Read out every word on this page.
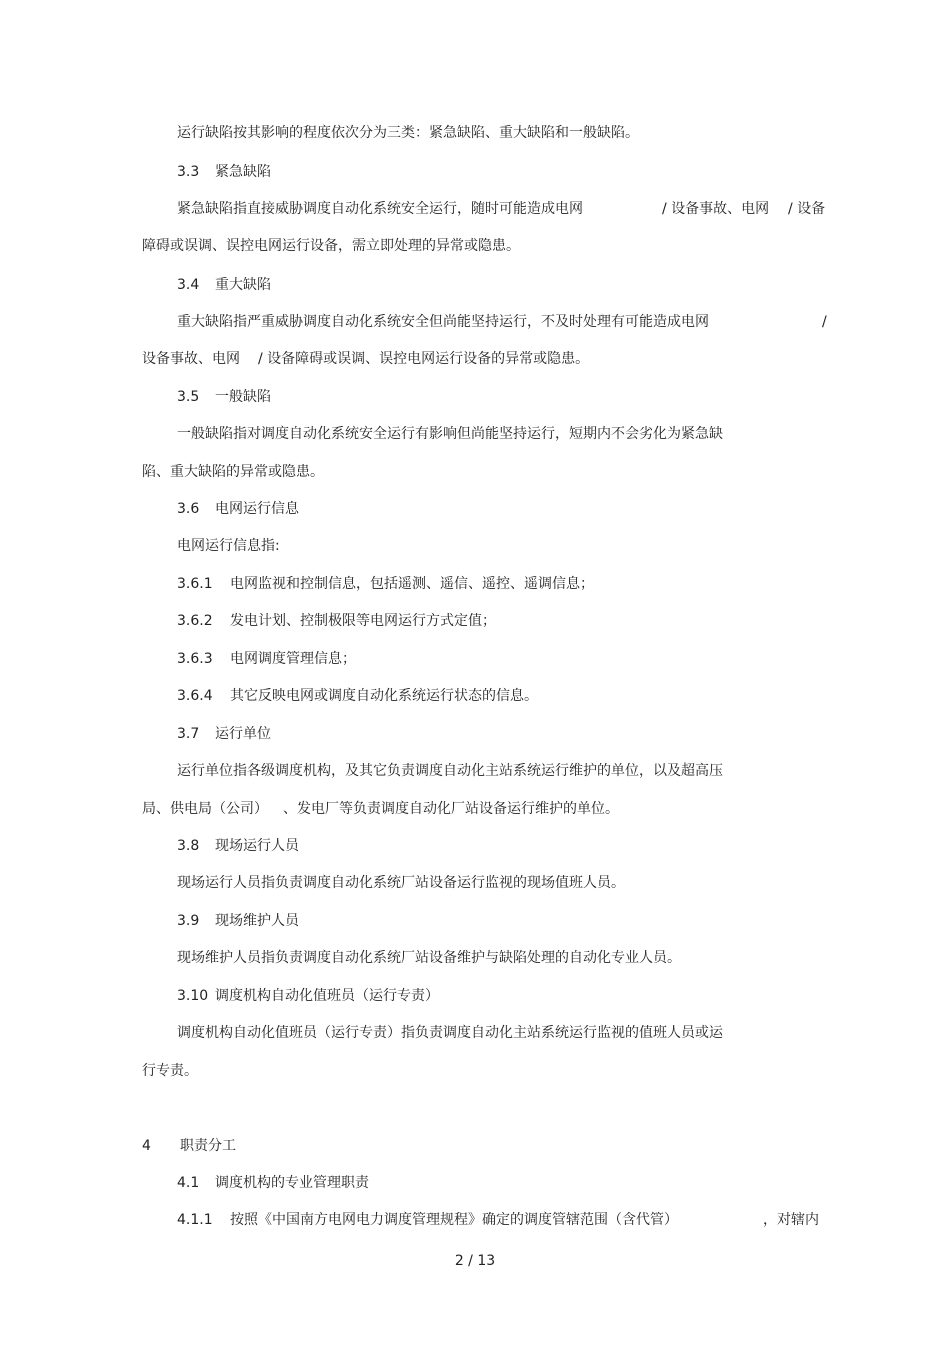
运行缺陷按其影响的程度依次分为三类：紧急缺陷、重大缺陷和一般缺陷。
3.3 紧急缺陷
紧急缺陷指直接威胁调度自动化系统安全运行，随时可能造成电网	/ 设备事故、电网 / 设备
障碍或误调、误控电网运行设备，需立即处理的异常或隐患。
3.4 重大缺陷
重大缺陷指严重威胁调度自动化系统安全但尚能坚持运行，不及时处理有可能造成电网	/
设备事故、电网 / 设备障碍或误调、误控电网运行设备的异常或隐患。
3.5 一般缺陷
一般缺陷指对调度自动化系统安全运行有影响但尚能坚持运行，短期内不会劣化为紧急缺
陷、重大缺陷的异常或隐患。
3.6 电网运行信息
电网运行信息指:
3.6.1 电网监视和控制信息，包括遥测、遥信、遥控、遥调信息；
3.6.2 发电计划、控制极限等电网运行方式定值；
3.6.3 电网调度管理信息；
3.6.4 其它反映电网或调度自动化系统运行状态的信息。
3.7 运行单位
运行单位指各级调度机构，及其它负责调度自动化主站系统运行维护的单位，以及超高压
局、供电局（公司） 、发电厂等负责调度自动化厂站设备运行维护的单位。
3.8 现场运行人员
现场运行人员指负责调度自动化系统厂站设备运行监视的现场值班人员。
3.9 现场维护人员
现场维护人员指负责调度自动化系统厂站设备维护与缺陷处理的自动化专业人员。
3.10 调度机构自动化值班员（运行专责）
调度机构自动化值班员（运行专责）指负责调度自动化主站系统运行监视的值班人员或运
行专责。
4 职责分工
4.1 调度机构的专业管理职责
4.1.1 按照《中国南方电网电力调度管理规程》确定的调度管辖范围（含代管）	，对辖内
2 / 13
